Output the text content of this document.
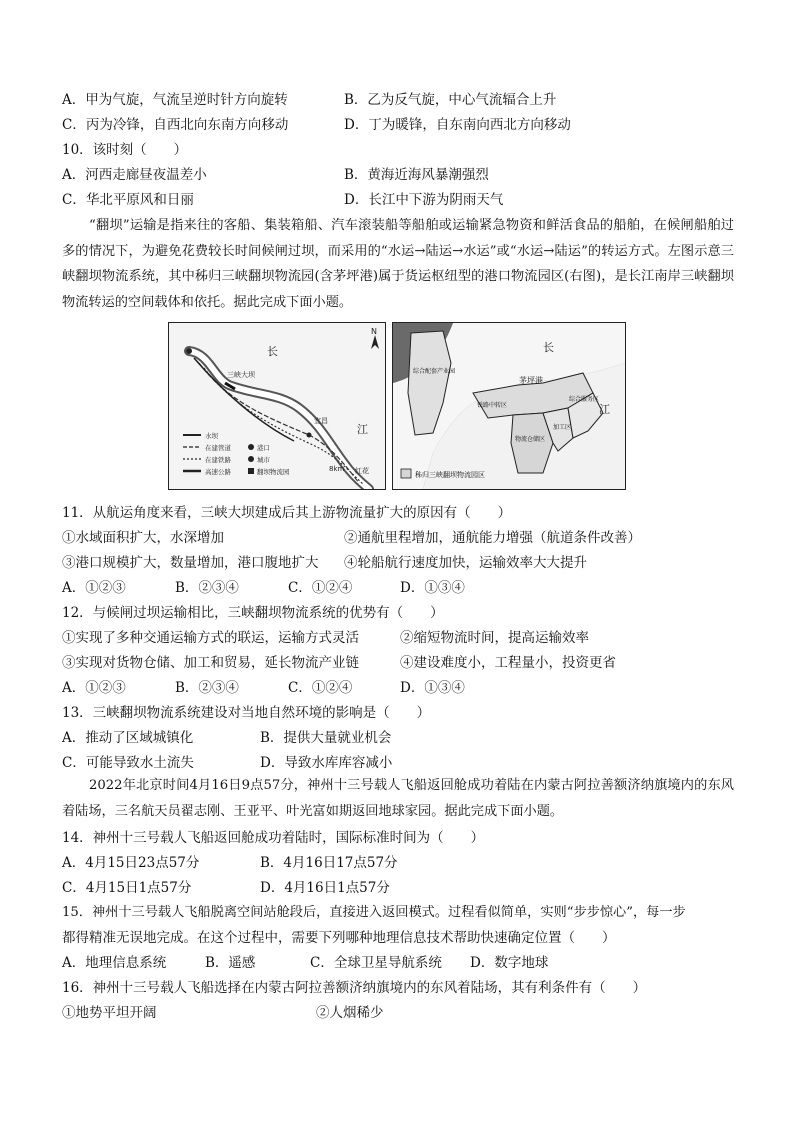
A．甲为气旋，气流呈逆时针方向旋转	B．乙为反气旋，中心气流辐合上升
C．丙为冷锋，自西北向东南方向移动	D．丁为暖锋，自东南向西北方向移动
10．该时刻（　　）
A．河西走廊昼夜温差小	B．黄海近海风暴潮强烈
C．华北平原风和日丽	D．长江中下游为阴雨天气
“翻坝”运输是指来往的客船、集装箱船、汽车滚装船等船舶或运输紧急物资和鲜活食品的船舶，在候闸船舶过多的情况下，为避免花费较长时间候闸过坝，而采用的“水运→陆运→水运”或“水运→陆运”的转运方式。左图示意三峡翻坝物流系统，其中秭归三峡翻坝物流园(含茅坪港)属于货运枢纽型的港口物流园区(右图)，是长江南岸三峡翻坝物流转运的空间载体和依托。据此完成下面小题。
N
长
江
三峡大坝
宜昌
红花
8km
水坝
港口
在建管道
在建铁路	城市
高速公路	翻坝物流园
长
江
茅坪港
综合配套产业园
铁路中转区
物流仓储区
综合服务区
加工区
秭归三峡翻坝物流园区
11．从航运角度来看，三峡大坝建成后其上游物流量扩大的原因有（　　）
①水域面积扩大，水深增加	②通航里程增加，通航能力增强（航道条件改善）
③港口规模扩大，数量增加，港口腹地扩大 ④轮船航行速度加快，运输效率大大提升
A．①②③	B．②③④	C．①②④	D．①③④
12．与候闸过坝运输相比，三峡翻坝物流系统的优势有（　　）
①实现了多种交通运输方式的联运，运输方式灵活	②缩短物流时间，提高运输效率
③实现对货物仓储、加工和贸易，延长物流产业链	④建设难度小，工程量小，投资更省
A．①②③	B．②③④	C．①②④	D．①③④
13．三峡翻坝物流系统建设对当地自然环境的影响是（　　）
A．推动了区域城镇化	B．提供大量就业机会
C．可能导致水土流失	D．导致水库库容减小
2022年北京时间4月16日9点57分，神州十三号载人飞船返回舱成功着陆在内蒙古阿拉善额济纳旗境内的东风着陆场，三名航天员翟志刚、王亚平、叶光富如期返回地球家园。据此完成下面小题。
14．神州十三号载人飞船返回舱成功着陆时，国际标准时间为（　　）
A．4月15日23点57分	B．4月16日17点57分
C．4月15日1点57分	D．4月16日1点57分
15．神州十三号载人飞船脱离空间站舱段后，直接进入返回模式。过程看似简单，实则“步步惊心”，每一步
都得精准无误地完成。在这个过程中，需要下列哪种地理信息技术帮助快速确定位置（　　）
A．地理信息系统	B．遥感	C．全球卫星导航系统 D．数字地球
16．神州十三号载人飞船选择在内蒙古阿拉善额济纳旗境内的东风着陆场，其有利条件有（　　）
①地势平坦开阔	②人烟稀少
